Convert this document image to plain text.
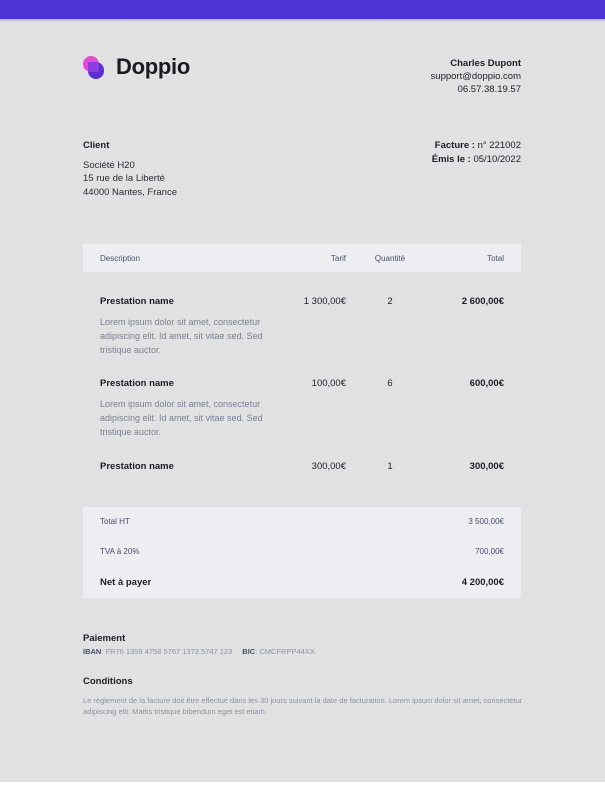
Doppio	Charles Dupont
support@doppio.com
06.57.38.19.57
Client
Société H20
15 rue de la Liberté
44000 Nantes, France
Facture : n° 221002
Émis le : 05/10/2022
Description	Tarif	Quantité	Total
Prestation name	1 300,00€	2	2 600,00€
Lorem ipsum dolor sit amet, consectetur adipiscing elit. Id amet, sit vitae sed. Sed tristique auctor.
Prestation name	100,00€	6	600,00€
Lorem ipsum dolor sit amet, consectetur adipiscing elit. Id amet, sit vitae sed. Sed tristique auctor.
Prestation name	300,00€	1	300,00€
Total HT	3 500,00€
TVA à 20%	700,00€
Net à payer	4 200,00€
Paiement
IBAN: FR76 1359 4758 5767 1373 5747 123 BIC: CMCFRPP44XX
Conditions
Le règlement de la facture doit être effectué dans les 30 jours suivant la date de facturation. Lorem ipsum dolor sit amet, consectetur adipiscing elit. Mattis tristique bibendum eget est etiam.
